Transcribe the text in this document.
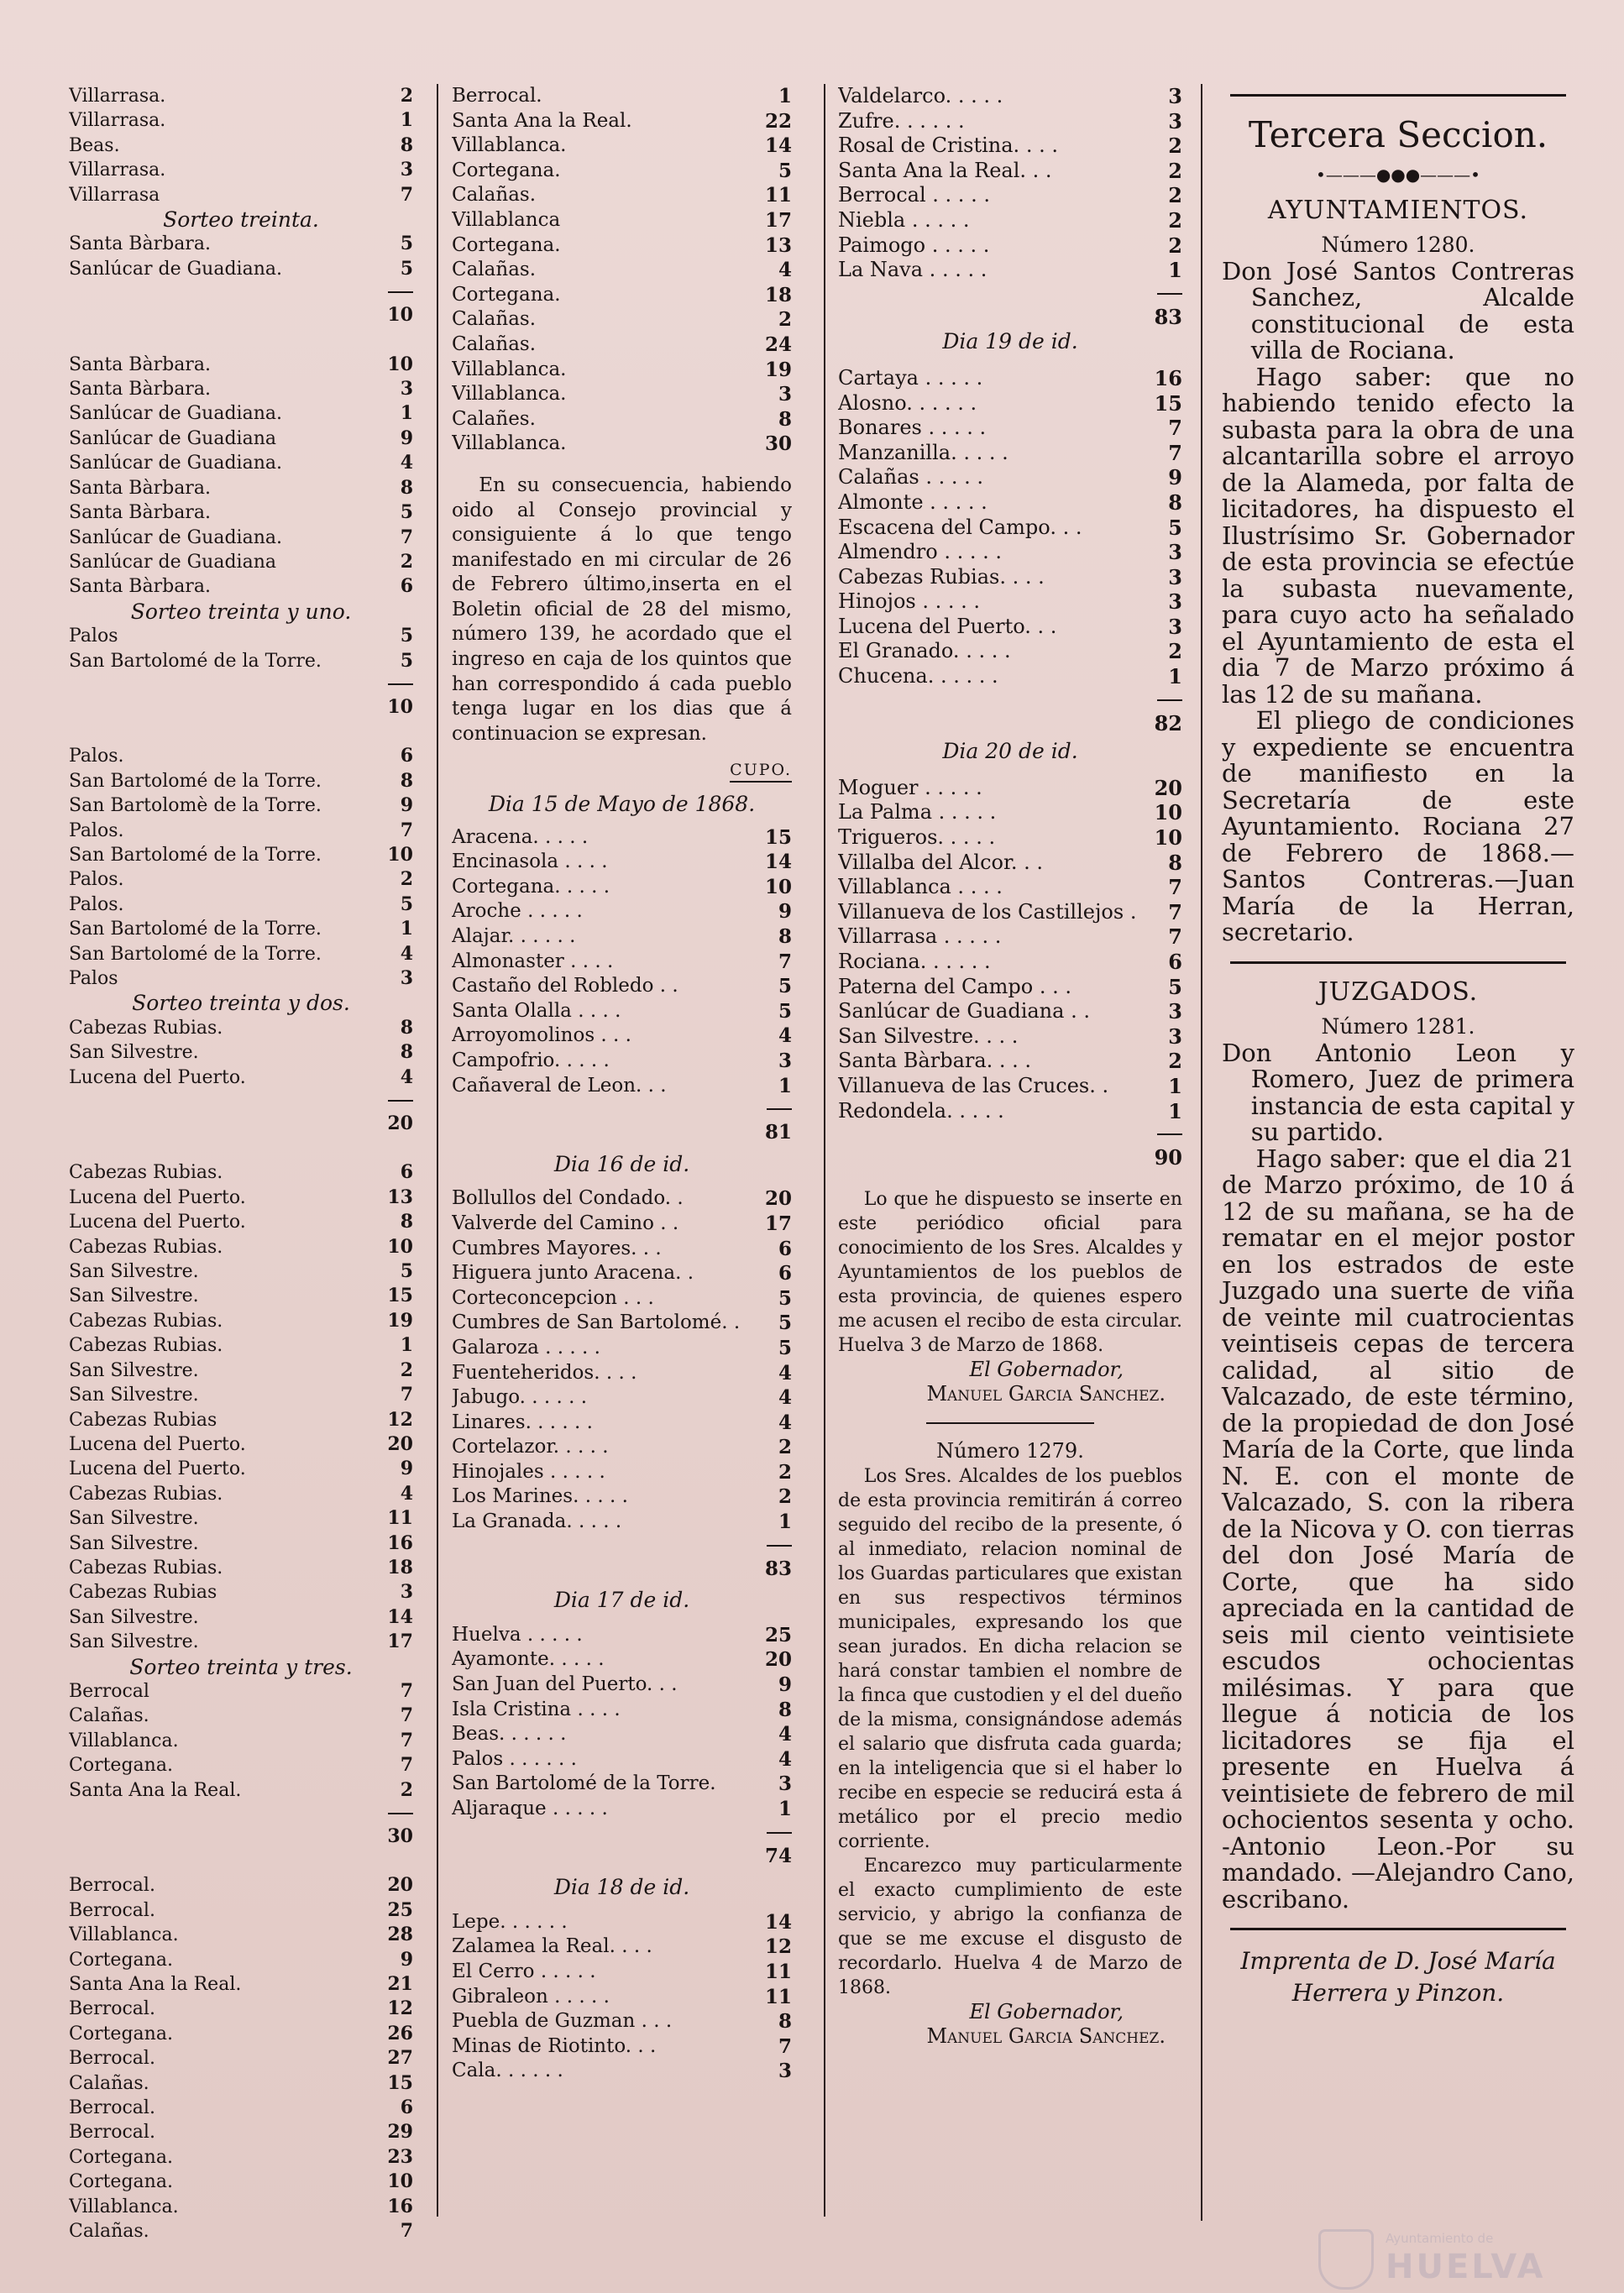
Villarrasa.	2
Villarrasa.	1
Beas.	8
Villarrasa.	3
Villarrasa	7
Sorteo treinta.
Santa Bàrbara.	5
Sanlúcar de Guadiana.	5
10
Santa Bàrbara.	10
Santa Bàrbara.	3
Sanlúcar de Guadiana.	1
Sanlúcar de Guadiana	9
Sanlúcar de Guadiana.	4
Santa Bàrbara.	8
Santa Bàrbara.	5
Sanlúcar de Guadiana.	7
Sanlúcar de Guadiana	2
Santa Bàrbara.	6
Sorteo treinta y uno.
Palos	5
San Bartolomé de la Torre.	5
10
Palos.	6
San Bartolomé de la Torre.	8
San Bartolomè de la Torre.	9
Palos.	7
San Bartolomé de la Torre.	10
Palos.	2
Palos.	5
San Bartolomé de la Torre.	1
San Bartolomé de la Torre.	4
Palos	3
Sorteo treinta y dos.
Cabezas Rubias.	8
San Silvestre.	8
Lucena del Puerto.	4
20
Cabezas Rubias.	6
Lucena del Puerto.	13
Lucena del Puerto.	8
Cabezas Rubias.	10
San Silvestre.	5
San Silvestre.	15
Cabezas Rubias.	19
Cabezas Rubias.	1
San Silvestre.	2
San Silvestre.	7
Cabezas Rubias	12
Lucena del Puerto.	20
Lucena del Puerto.	9
Cabezas Rubias.	4
San Silvestre.	11
San Silvestre.	16
Cabezas Rubias.	18
Cabezas Rubias	3
San Silvestre.	14
San Silvestre.	17
Sorteo treinta y tres.
Berrocal	7
Calañas.	7
Villablanca.	7
Cortegana.	7
Santa Ana la Real.	2
30
Berrocal.	20
Berrocal.	25
Villablanca.	28
Cortegana.	9
Santa Ana la Real.	21
Berrocal.	12
Cortegana.	26
Berrocal.	27
Calañas.	15
Berrocal.	6
Berrocal.	29
Cortegana.	23
Cortegana.	10
Villablanca.	16
Calañas.	7
Berrocal.	1
Santa Ana la Real.	22
Villablanca.	14
Cortegana.	5
Calañas.	11
Villablanca	17
Cortegana.	13
Calañas.	4
Cortegana.	18
Calañas.	2
Calañas.	24
Villablanca.	19
Villablanca.	3
Calañes.	8
Villablanca.	30

En su consecuencia, habiendo oido al Consejo provincial y consiguiente á lo que tengo manifestado en mi circular de 26 de Febrero último,inserta en el Boletin oficial de 28 del mismo, número 139, he acordado que el ingreso en caja de los quintos que han correspondido á cada pueblo tenga lugar en los dias que á continuacion se expresan.

CUPO.
Dia 15 de Mayo de 1868.
Aracena. . . . .	15
Encinasola . . . .	14
Cortegana. . . . .	10
Aroche . . . . .	9
Alajar. . . . . .	8
Almonaster . . . .	7
Castaño del Robledo . .	5
Santa Olalla . . . .	5
Arroyomolinos . . .	4
Campofrio. . . . .	3
Cañaveral de Leon. . .	1
81
Dia 16 de id.
Bollullos del Condado. .	20
Valverde del Camino . .	17
Cumbres Mayores. . .	6
Higuera junto Aracena. .	6
Corteconcepcion . . .	5
Cumbres de San Bartolomé. .	5
Galaroza . . . . .	5
Fuenteheridos. . . .	4
Jabugo. . . . . .	4
Linares. . . . . .	4
Cortelazor. . . . .	2
Hinojales . . . . .	2
Los Marines. . . . .	2
La Granada. . . . .	1
83
Dia 17 de id.
Huelva . . . . .	25
Ayamonte. . . . .	20
San Juan del Puerto. . .	9
Isla Cristina . . . .	8
Beas. . . . . .	4
Palos . . . . . .	4
San Bartolomé de la Torre.	3
Aljaraque . . . . .	1
74
Dia 18 de id.
Lepe. . . . . .	14
Zalamea la Real. . . .	12
El Cerro . . . . .	11
Gibraleon . . . . .	11
Puebla de Guzman . . .	8
Minas de Riotinto. . .	7
Cala. . . . . .	3
Valdelarco. . . . .	3
Zufre. . . . . .	3
Rosal de Cristina. . . .	2
Santa Ana la Real. . .	2
Berrocal . . . . .	2
Niebla . . . . .	2
Paimogo . . . . .	2
La Nava . . . . .	1
83
Dia 19 de id.
Cartaya . . . . .	16
Alosno. . . . . .	15
Bonares . . . . .	7
Manzanilla. . . . .	7
Calañas . . . . .	9
Almonte . . . . .	8
Escacena del Campo. . .	5
Almendro . . . . .	3
Cabezas Rubias. . . .	3
Hinojos . . . . .	3
Lucena del Puerto. . .	3
El Granado. . . . .	2
Chucena. . . . . .	1
82
Dia 20 de id.
Moguer . . . . .	20
La Palma . . . . .	10
Trigueros. . . . .	10
Villalba del Alcor. . .	8
Villablanca . . . .	7
Villanueva de los Castillejos .	7
Villarrasa . . . . .	7
Rociana. . . . . .	6
Paterna del Campo . . .	5
Sanlúcar de Guadiana . .	3
San Silvestre. . . .	3
Santa Bàrbara. . . .	2
Villanueva de las Cruces. .	1
Redondela. . . . .	1
90

Lo que he dispuesto se inserte en este periódico oficial para conocimiento de los Sres. Alcaldes y Ayuntamientos de los pueblos de esta provincia, de quienes espero me acusen el recibo de esta circular. Huelva 3 de Marzo de 1868.

El Gobernador,
Manuel Garcia Sanchez.
Número 1279.

Los Sres. Alcaldes de los pueblos de esta provincia remitirán á correo seguido del recibo de la presente, ó al inmediato, relacion nominal de los Guardas particulares que existan en sus respectivos términos municipales, expresando los que sean jurados. En dicha relacion se hará constar tambien el nombre de la finca que custodien y el del dueño de la misma, consignándose además el salario que disfruta cada guarda; en la inteligencia que si el haber lo recibe en especie se reducirá esta á metálico por el precio medio corriente.

Encarezco muy particularmente el exacto cumplimiento de este servicio, y abrigo la confianza de que se me excuse el disgusto de recordarlo. Huelva 4 de Marzo de 1868.

El Gobernador,
Manuel Garcia Sanchez.
Tercera Seccion.
•———●●●———•
AYUNTAMIENTOS.
Número 1280.

Don José Santos Contreras Sanchez, Alcalde constitucional de esta villa de Rociana.

Hago saber: que no habiendo tenido efecto la subasta para la obra de una alcantarilla sobre el arroyo de la Alameda, por falta de licitadores, ha dispuesto el Ilustrísimo Sr. Gobernador de esta provincia se efectúe la subasta nuevamente, para cuyo acto ha señalado el Ayuntamiento de esta el dia 7 de Marzo próximo á las 12 de su mañana.

El pliego de condiciones y expediente se encuentra de manifiesto en la Secretaría de este Ayuntamiento. Rociana 27 de Febrero de 1868.—Santos Contreras.—Juan María de la Herran, secretario.

JUZGADOS.
Número 1281.

Don Antonio Leon y Romero, Juez de primera instancia de esta capital y su partido.

Hago saber: que el dia 21 de Marzo próximo, de 10 á 12 de su mañana, se ha de rematar en el mejor postor en los estrados de este Juzgado una suerte de viña de veinte mil cuatrocientas veintiseis cepas de tercera calidad, al sitio de Valcazado, de este término, de la propiedad de don José María de la Corte, que linda N. E. con el monte de Valcazado, S. con la ribera de la Nicova y O. con tierras del don José María de Corte, que ha sido apreciada en la cantidad de seis mil ciento veintisiete escudos ochocientas milésimas. Y para que llegue á noticia de los licitadores se fija el presente en Huelva á veintisiete de febrero de mil ochocientos sesenta y ocho. -Antonio Leon.-Por su mandado. —Alejandro Cano, escribano.

Imprenta de D. José María Herrera y Pinzon.
Ayuntamiento de
HUELVA
